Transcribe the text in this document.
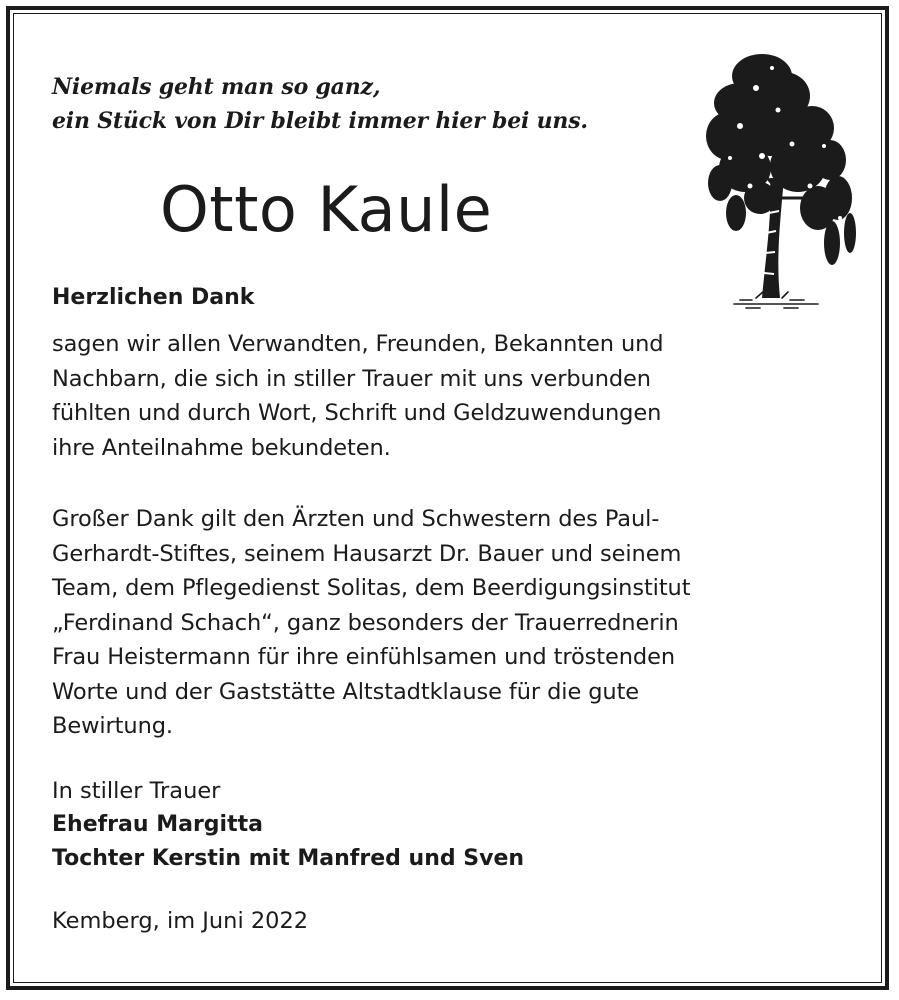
Niemals geht man so ganz,
ein Stück von Dir bleibt immer hier bei uns.
Otto Kaule
Herzlichen Dank
sagen wir allen Verwandten, Freunden, Bekannten und
Nachbarn, die sich in stiller Trauer mit uns verbunden
fühlten und durch Wort, Schrift und Geldzuwendungen
ihre Anteilnahme bekundeten.
Großer Dank gilt den Ärzten und Schwestern des Paul-
Gerhardt-Stiftes, seinem Hausarzt Dr. Bauer und seinem
Team, dem Pflegedienst Solitas, dem Beerdigungsinstitut
„Ferdinand Schach“, ganz besonders der Trauerrednerin
Frau Heistermann für ihre einfühlsamen und tröstenden
Worte und der Gaststätte Altstadtklause für die gute
Bewirtung.
In stiller Trauer
Ehefrau Margitta
Tochter Kerstin mit Manfred und Sven
Kemberg, im Juni 2022
